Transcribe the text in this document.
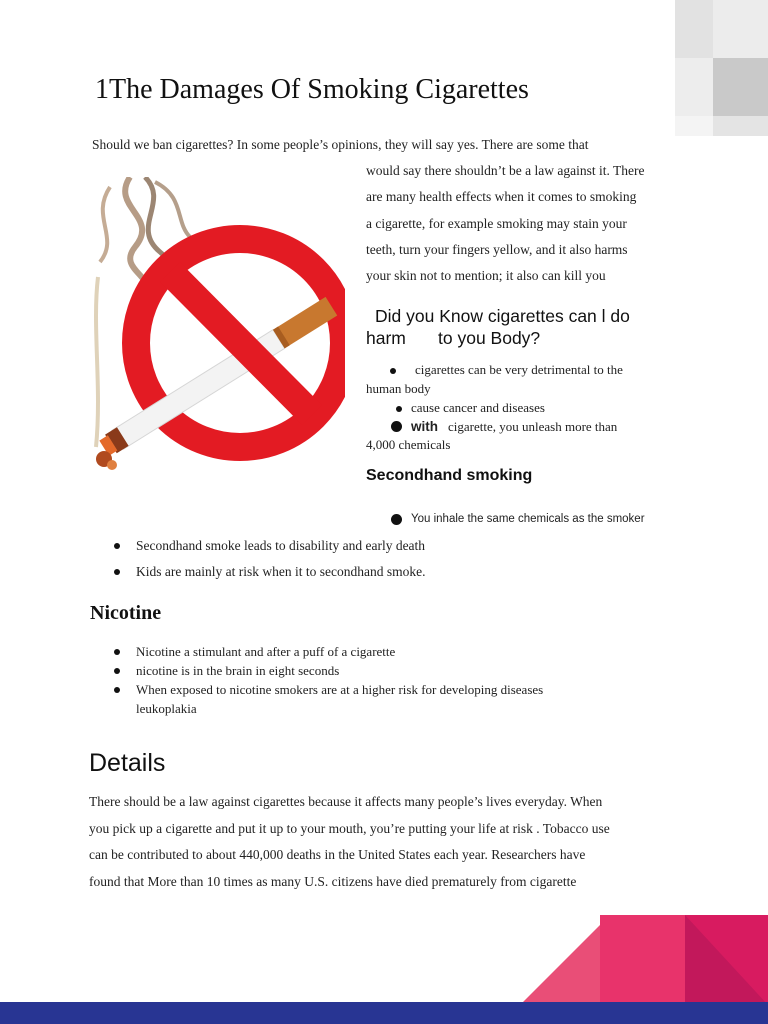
1The Damages Of Smoking Cigarettes
Should we ban cigarettes? In some people’s opinions, they will say yes. There are some that
would say there shouldn’t be a law against it. There
are many health effects when it comes to smoking
a cigarette, for example smoking may stain your
teeth, turn your fingers yellow, and it also harms
your skin not to mention; it also can kill you
Did you Know cigarettes can l do
harm to you Body?
cigarettes can be very detrimental to the
human body
cause cancer and diseases
with cigarette, you unleash more than
4,000 chemicals
Secondhand smoking
You inhale the same chemicals as the smoker
Secondhand smoke leads to disability and early death
Kids are mainly at risk when it to secondhand smoke.
Nicotine
Nicotine a stimulant and after a puff of a cigarette
nicotine is in the brain in eight seconds
When exposed to nicotine smokers are at a higher risk for developing diseases
leukoplakia
Details
There should be a law against cigarettes because it affects many people’s lives everyday. When
you pick up a cigarette and put it up to your mouth, you’re putting your life at risk . Tobacco use
can be contributed to about 440,000 deaths in the United States each year. Researchers have
found that More than 10 times as many U.S. citizens have died prematurely from cigarette
